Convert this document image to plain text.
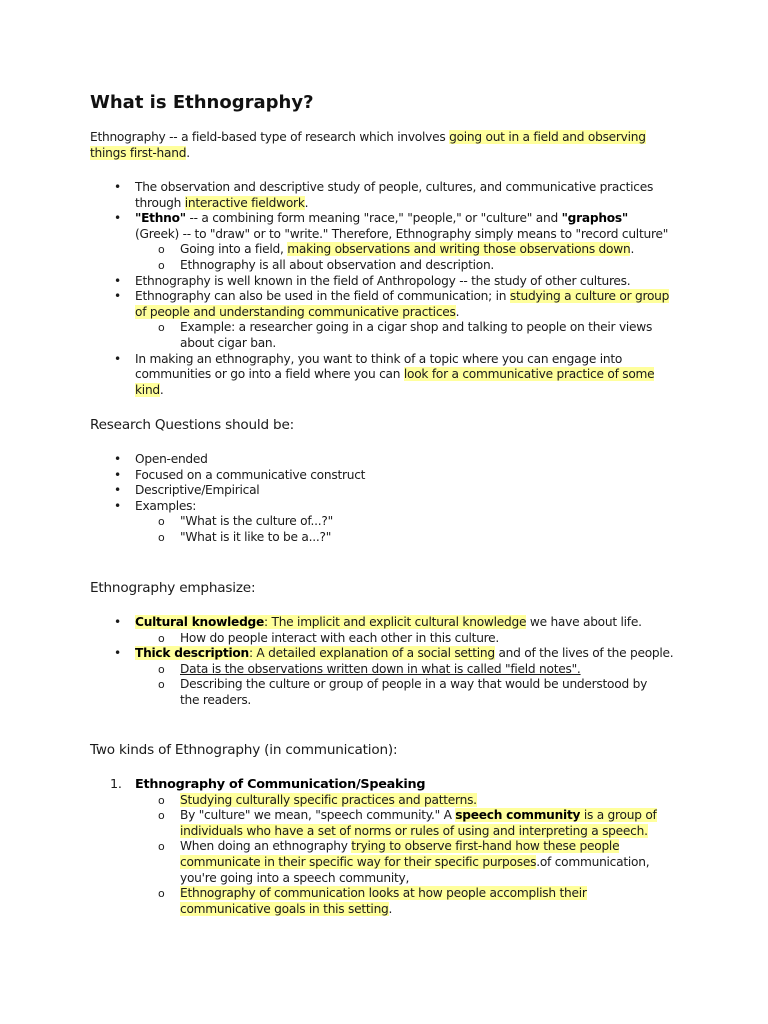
What is Ethnography?

Ethnography -- a field-based type of research which involves going out in a field and observing things first-hand.

• The observation and descriptive study of people, cultures, and communicative practices through interactive fieldwork.
• "Ethno" -- a combining form meaning "race," "people," or "culture" and "graphos" (Greek) -- to "draw" or to "write." Therefore, Ethnography simply means to "record culture"
o Going into a field, making observations and writing those observations down.
o Ethnography is all about observation and description.
• Ethnography is well known in the field of Anthropology -- the study of other cultures.
• Ethnography can also be used in the field of communication; in studying a culture or group of people and understanding communicative practices.
o Example: a researcher going in a cigar shop and talking to people on their views about cigar ban.
• In making an ethnography, you want to think of a topic where you can engage into communities or go into a field where you can look for a communicative practice of some kind.
Research Questions should be:
• Open-ended
• Focused on a communicative construct
• Descriptive/Empirical
• Examples:
o "What is the culture of...?"
o "What is it like to be a...?"
Ethnography emphasize:
• Cultural knowledge: The implicit and explicit cultural knowledge we have about life.
o How do people interact with each other in this culture.
• Thick description: A detailed explanation of a social setting and of the lives of the people.
o Data is the observations written down in what is called "field notes".
o Describing the culture or group of people in a way that would be understood by the readers.
Two kinds of Ethnography (in communication):
1. Ethnography of Communication/Speaking
o Studying culturally specific practices and patterns.
o By "culture" we mean, "speech community." A speech community is a group of individuals who have a set of norms or rules of using and interpreting a speech.
o When doing an ethnography trying to observe first-hand how these people communicate in their specific way for their specific purposes.of communication, you're going into a speech community,
o Ethnography of communication looks at how people accomplish their communicative goals in this setting.
